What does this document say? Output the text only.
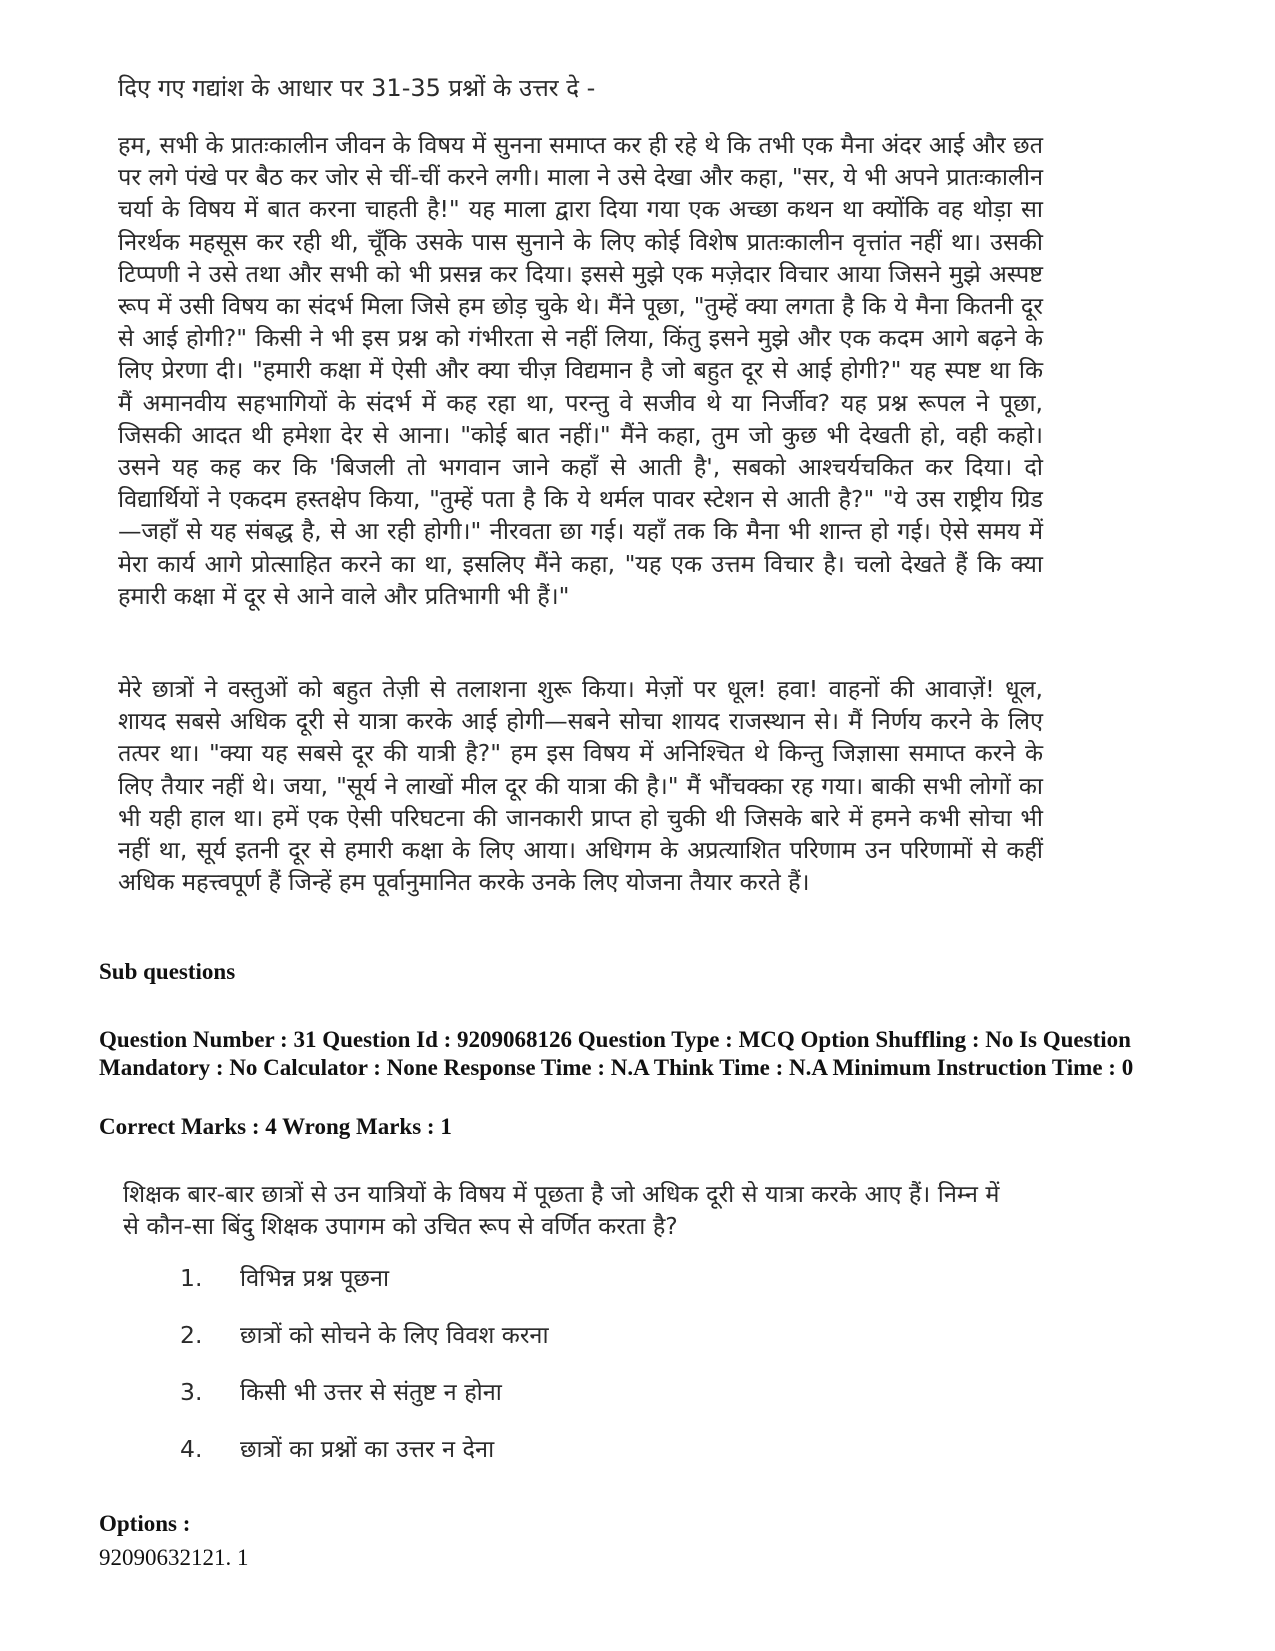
दिए गए गद्यांश के आधार पर 31-35 प्रश्नों के उत्तर दे -

हम, सभी के प्रातःकालीन जीवन के विषय में सुनना समाप्त कर ही रहे थे कि तभी एक मैना अंदर आई और छत पर लगे पंखे पर बैठ कर जोर से चीं-चीं करने लगी। माला ने उसे देखा और कहा, "सर, ये भी अपने प्रातःकालीन चर्या के विषय में बात करना चाहती है!" यह माला द्वारा दिया गया एक अच्छा कथन था क्योंकि वह थोड़ा सा निरर्थक महसूस कर रही थी, चूँकि उसके पास सुनाने के लिए कोई विशेष प्रातःकालीन वृत्तांत नहीं था। उसकी टिप्पणी ने उसे तथा और सभी को भी प्रसन्न कर दिया। इससे मुझे एक मज़ेदार विचार आया जिसने मुझे अस्पष्ट रूप में उसी विषय का संदर्भ मिला जिसे हम छोड़ चुके थे। मैंने पूछा, "तुम्हें क्या लगता है कि ये मैना कितनी दूर से आई होगी?" किसी ने भी इस प्रश्न को गंभीरता से नहीं लिया, किंतु इसने मुझे और एक कदम आगे बढ़ने के लिए प्रेरणा दी। "हमारी कक्षा में ऐसी और क्या चीज़ विद्यमान है जो बहुत दूर से आई होगी?" यह स्पष्ट था कि मैं अमानवीय सहभागियों के संदर्भ में कह रहा था, परन्तु वे सजीव थे या निर्जीव? यह प्रश्न रूपल ने पूछा, जिसकी आदत थी हमेशा देर से आना। "कोई बात नहीं।" मैंने कहा, तुम जो कुछ भी देखती हो, वही कहो। उसने यह कह कर कि 'बिजली तो भगवान जाने कहाँ से आती है', सबको आश्चर्यचकित कर दिया। दो विद्यार्थियों ने एकदम हस्तक्षेप किया, "तुम्हें पता है कि ये थर्मल पावर स्टेशन से आती है?" "ये उस राष्ट्रीय ग्रिड—जहाँ से यह संबद्ध है, से आ रही होगी।" नीरवता छा गई। यहाँ तक कि मैना भी शान्त हो गई। ऐसे समय में मेरा कार्य आगे प्रोत्साहित करने का था, इसलिए मैंने कहा, "यह एक उत्तम विचार है। चलो देखते हैं कि क्या हमारी कक्षा में दूर से आने वाले और प्रतिभागी भी हैं।"

मेरे छात्रों ने वस्तुओं को बहुत तेज़ी से तलाशना शुरू किया। मेज़ों पर धूल! हवा! वाहनों की आवाज़ें! धूल, शायद सबसे अधिक दूरी से यात्रा करके आई होगी—सबने सोचा शायद राजस्थान से। मैं निर्णय करने के लिए तत्पर था। "क्या यह सबसे दूर की यात्री है?" हम इस विषय में अनिश्चित थे किन्तु जिज्ञासा समाप्त करने के लिए तैयार नहीं थे। जया, "सूर्य ने लाखों मील दूर की यात्रा की है।" मैं भौंचक्का रह गया। बाकी सभी लोगों का भी यही हाल था। हमें एक ऐसी परिघटना की जानकारी प्राप्त हो चुकी थी जिसके बारे में हमने कभी सोचा भी नहीं था, सूर्य इतनी दूर से हमारी कक्षा के लिए आया। अधिगम के अप्रत्याशित परिणाम उन परिणामों से कहीं अधिक महत्त्वपूर्ण हैं जिन्हें हम पूर्वानुमानित करके उनके लिए योजना तैयार करते हैं।

Sub questions
Question Number : 31 Question Id : 9209068126 Question Type : MCQ Option Shuffling : No Is Question Mandatory : No Calculator : None Response Time : N.A Think Time : N.A Minimum Instruction Time : 0
Correct Marks : 4 Wrong Marks : 1
शिक्षक बार-बार छात्रों से उन यात्रियों के विषय में पूछता है जो अधिक दूरी से यात्रा करके आए हैं। निम्न में से कौन-सा बिंदु शिक्षक उपागम को उचित रूप से वर्णित करता है?
1.	विभिन्न प्रश्न पूछना
2.	छात्रों को सोचने के लिए विवश करना
3.	किसी भी उत्तर से संतुष्ट न होना
4.	छात्रों का प्रश्नों का उत्तर न देना
Options :
92090632121. 1
